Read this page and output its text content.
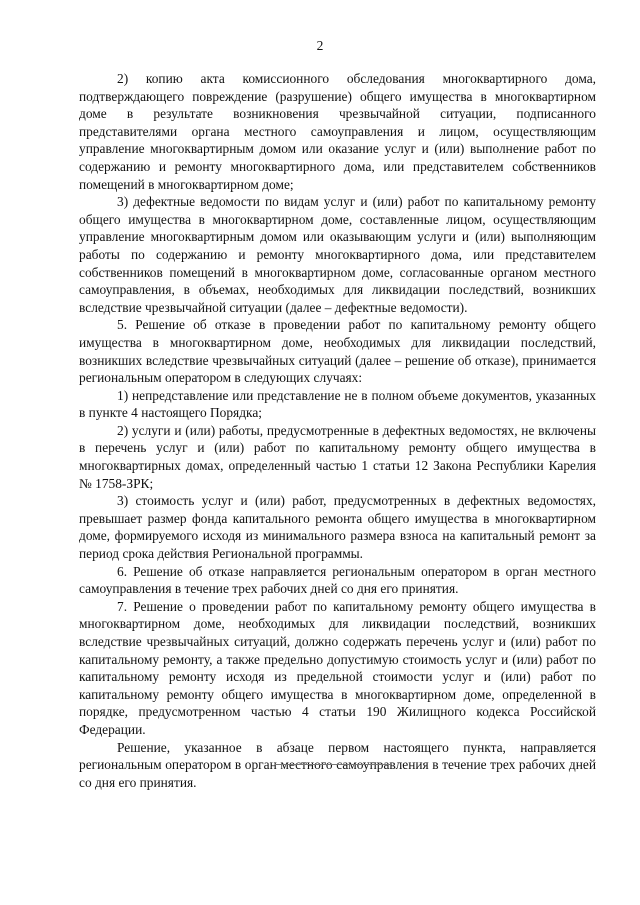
2

2) копию акта комиссионного обследования многоквартирного дома, подтверждающего повреждение (разрушение) общего имущества в многоквартирном доме в результате возникновения чрезвычайной ситуации, подписанного представителями органа местного самоуправления и лицом, осуществляющим управление многоквартирным домом или оказание услуг и (или) выполнение работ по содержанию и ремонту многоквартирного дома, или представителем собственников помещений в многоквартирном доме;

3) дефектные ведомости по видам услуг и (или) работ по капитальному ремонту общего имущества в многоквартирном доме, составленные лицом, осуществляющим управление многоквартирным домом или оказывающим услуги и (или) выполняющим работы по содержанию и ремонту многоквартирного дома, или представителем собственников помещений в многоквартирном доме, согласованные органом местного самоуправления, в объемах, необходимых для ликвидации последствий, возникших вследствие чрезвычайной ситуации (далее – дефектные ведомости).

5. Решение об отказе в проведении работ по капитальному ремонту общего имущества в многоквартирном доме, необходимых для ликвидации последствий, возникших вследствие чрезвычайных ситуаций (далее – решение об отказе), принимается региональным оператором в следующих случаях:

1) непредставление или представление не в полном объеме документов, указанных в пункте 4 настоящего Порядка;

2) услуги и (или) работы, предусмотренные в дефектных ведомостях, не включены в перечень услуг и (или) работ по капитальному ремонту общего имущества в многоквартирных домах, определенный частью 1 статьи 12 Закона Республики Карелия № 1758-ЗРК;

3) стоимость услуг и (или) работ, предусмотренных в дефектных ведомостях, превышает размер фонда капитального ремонта общего имущества в многоквартирном доме, формируемого исходя из минимального размера взноса на капитальный ремонт за период срока действия Региональной программы.

6. Решение об отказе направляется региональным оператором в орган местного самоуправления в течение трех рабочих дней со дня его принятия.

7. Решение о проведении работ по капитальному ремонту общего имущества в многоквартирном доме, необходимых для ликвидации последствий, возникших вследствие чрезвычайных ситуаций, должно содержать перечень услуг и (или) работ по капитальному ремонту, а также предельно допустимую стоимость услуг и (или) работ по капитальному ремонту исходя из предельной стоимости услуг и (или) работ по капитальному ремонту общего имущества в многоквартирном доме, определенной в порядке, предусмотренном частью 4 статьи 190 Жилищного кодекса Российской Федерации.

Решение, указанное в абзаце первом настоящего пункта, направляется региональным оператором в орган местного самоуправления в течение трех рабочих дней со дня его принятия.
